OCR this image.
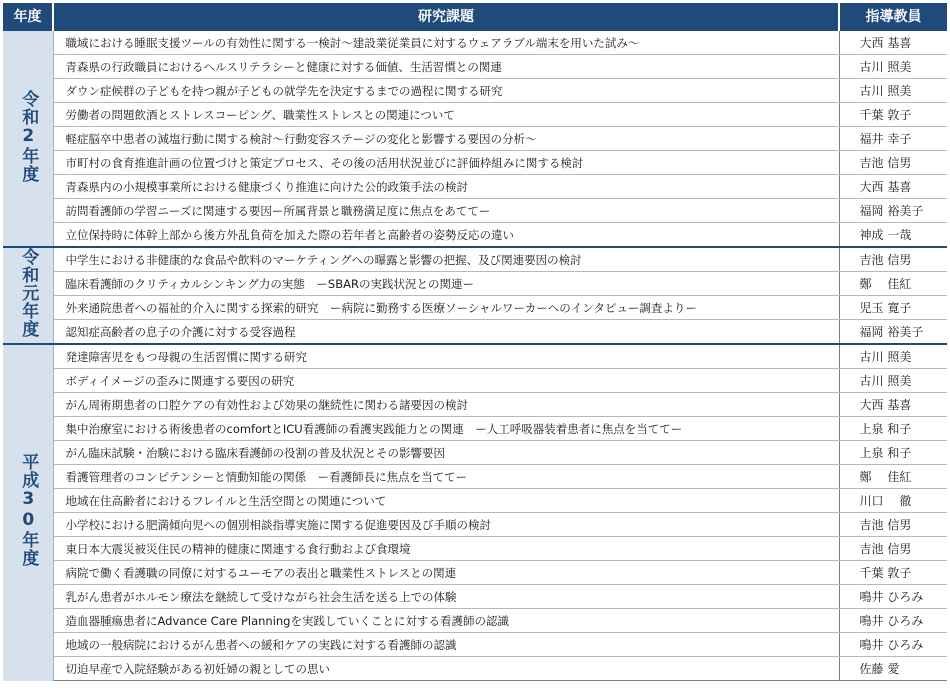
年度	研究課題	指導教員
令和2年度	職域における睡眠支援ツールの有効性に関する一検討～建設業従業員に対するウェアラブル端末を用いた試み～	大西 基喜
	青森県の行政職員におけるヘルスリテラシーと健康に対する価値、生活習慣との関連	古川 照美
	ダウン症候群の子どもを持つ親が子どもの就学先を決定するまでの過程に関する研究	古川 照美
	労働者の問題飲酒とストレスコーピング、職業性ストレスとの関連について	千葉 敦子
	軽症脳卒中患者の減塩行動に関する検討～行動変容ステージの変化と影響する要因の分析～	福井 幸子
	市町村の食育推進計画の位置づけと策定プロセス、その後の活用状況並びに評価枠組みに関する検討	吉池 信男
	青森県内の小規模事業所における健康づくり推進に向けた公的政策手法の検討	大西 基喜
	訪問看護師の学習ニーズに関連する要因ー所属背景と職務満足度に焦点をあててー	福岡 裕美子
	立位保持時に体幹上部から後方外乱負荷を加えた際の若年者と高齢者の姿勢反応の違い	神成 一哉
令和元年度	中学生における非健康的な食品や飲料のマーケティングへの曝露と影響の把握、及び関連要因の検討	吉池 信男
	臨床看護師のクリティカルシンキング力の実態　ーSBARの実践状況との関連ー	鄭　 佳紅
	外来通院患者への福祉的介入に関する探索的研究　ー病院に勤務する医療ソーシャルワーカーへのインタビュー調査よりー	児玉 寛子
	認知症高齢者の息子の介護に対する受容過程	福岡 裕美子
平成30年度	発達障害児をもつ母親の生活習慣に関する研究	古川 照美
	ボディイメージの歪みに関連する要因の研究	古川 照美
	がん周術期患者の口腔ケアの有効性および効果の継続性に関わる諸要因の検討	大西 基喜
	集中治療室における術後患者のcomfortとICU看護師の看護実践能力との関連　ー人工呼吸器装着患者に焦点を当ててー	上泉 和子
	がん臨床試験・治験における臨床看護師の役割の普及状況とその影響要因	上泉 和子
	看護管理者のコンピテンシーと情動知能の関係　ー看護師長に焦点を当ててー	鄭　 佳紅
	地域在住高齢者におけるフレイルと生活空間との関連について	川口　 徹
	小学校における肥満傾向児への個別相談指導実施に関する促進要因及び手順の検討	吉池 信男
	東日本大震災被災住民の精神的健康に関連する食行動および食環境	吉池 信男
	病院で働く看護職の同僚に対するユーモアの表出と職業性ストレスとの関連	千葉 敦子
	乳がん患者がホルモン療法を継続して受けながら社会生活を送る上での体験	鳴井 ひろみ
	造血器腫瘍患者にAdvance Care Planningを実践していくことに対する看護師の認識	鳴井 ひろみ
	地域の一般病院におけるがん患者への緩和ケアの実践に対する看護師の認識	鳴井 ひろみ
	切迫早産で入院経験がある初妊婦の親としての思い	佐藤 愛
